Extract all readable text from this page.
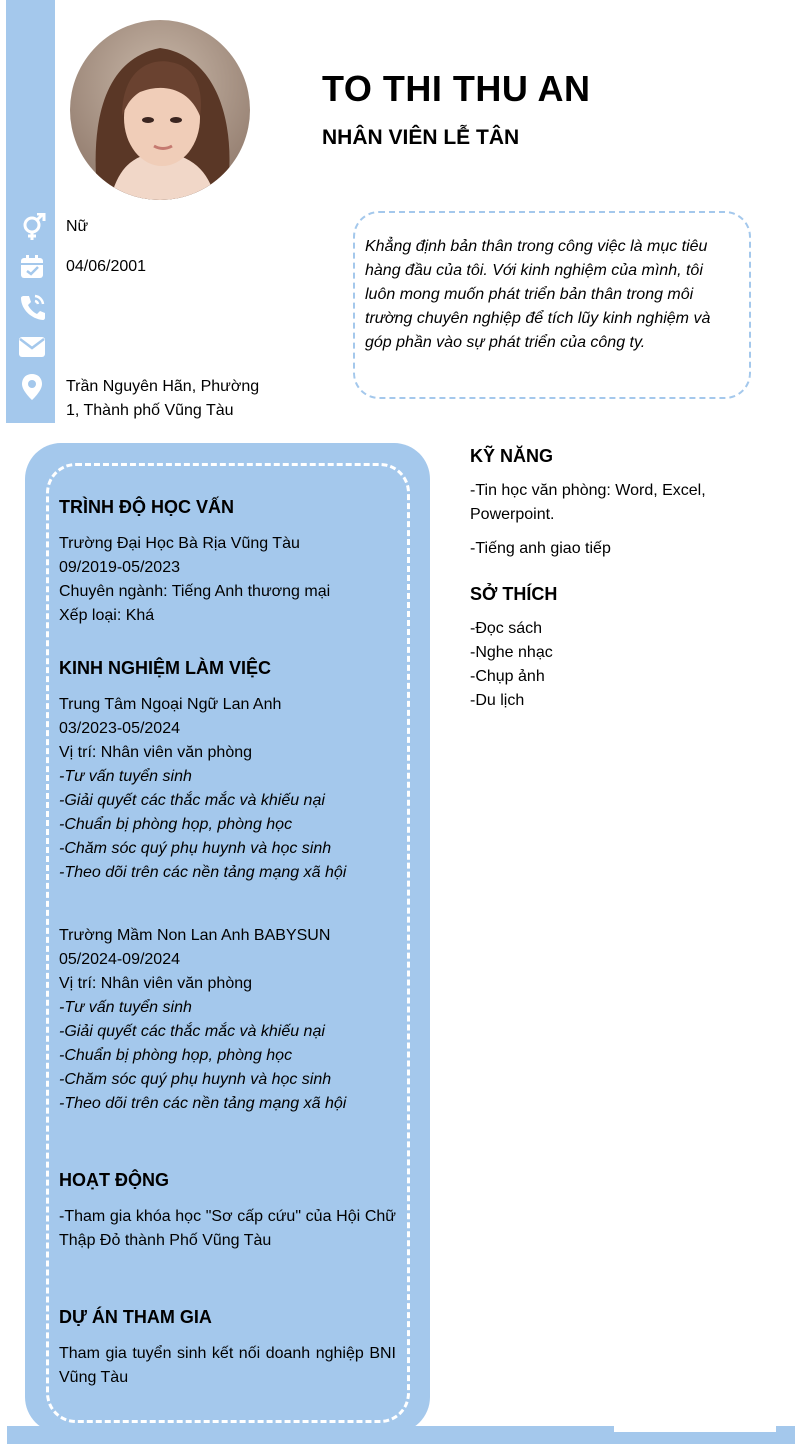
TO THI THU AN
NHÂN VIÊN LỄ TÂN
Nữ
04/06/2001
Trần Nguyên Hãn, Phường
1, Thành phố Vũng Tàu
Khẳng định bản thân trong công việc là mục tiêu hàng đầu của tôi. Với kinh nghiệm của mình, tôi luôn mong muốn phát triển bản thân trong môi trường chuyên nghiệp để tích lũy kinh nghiệm và góp phần vào sự phát triển của công ty.
TRÌNH ĐỘ HỌC VẤN
Trường Đại Học Bà Rịa Vũng Tàu
09/2019-05/2023
Chuyên ngành: Tiếng Anh thương mại
Xếp loại: Khá
KINH NGHIỆM LÀM VIỆC
Trung Tâm Ngoại Ngữ Lan Anh
03/2023-05/2024
Vị trí: Nhân viên văn phòng
-Tư vấn tuyển sinh
-Giải quyết các thắc mắc và khiếu nại
-Chuẩn bị phòng họp, phòng học
-Chăm sóc quý phụ huynh và học sinh
-Theo dõi trên các nền tảng mạng xã hội
Trường Mầm Non Lan Anh BABYSUN
05/2024-09/2024
Vị trí: Nhân viên văn phòng
-Tư vấn tuyển sinh
-Giải quyết các thắc mắc và khiếu nại
-Chuẩn bị phòng họp, phòng học
-Chăm sóc quý phụ huynh và học sinh
-Theo dõi trên các nền tảng mạng xã hội
HOẠT ĐỘNG
-Tham gia khóa học "Sơ cấp cứu" của Hội Chữ Thập Đỏ thành Phố Vũng Tàu
DỰ ÁN THAM GIA
Tham gia tuyển sinh kết nối doanh nghiệp BNI Vũng Tàu
KỸ NĂNG
-Tin học văn phòng: Word, Excel,
Powerpoint.
-Tiếng anh giao tiếp
SỞ THÍCH
-Đọc sách
-Nghe nhạc
-Chụp ảnh
-Du lịch
